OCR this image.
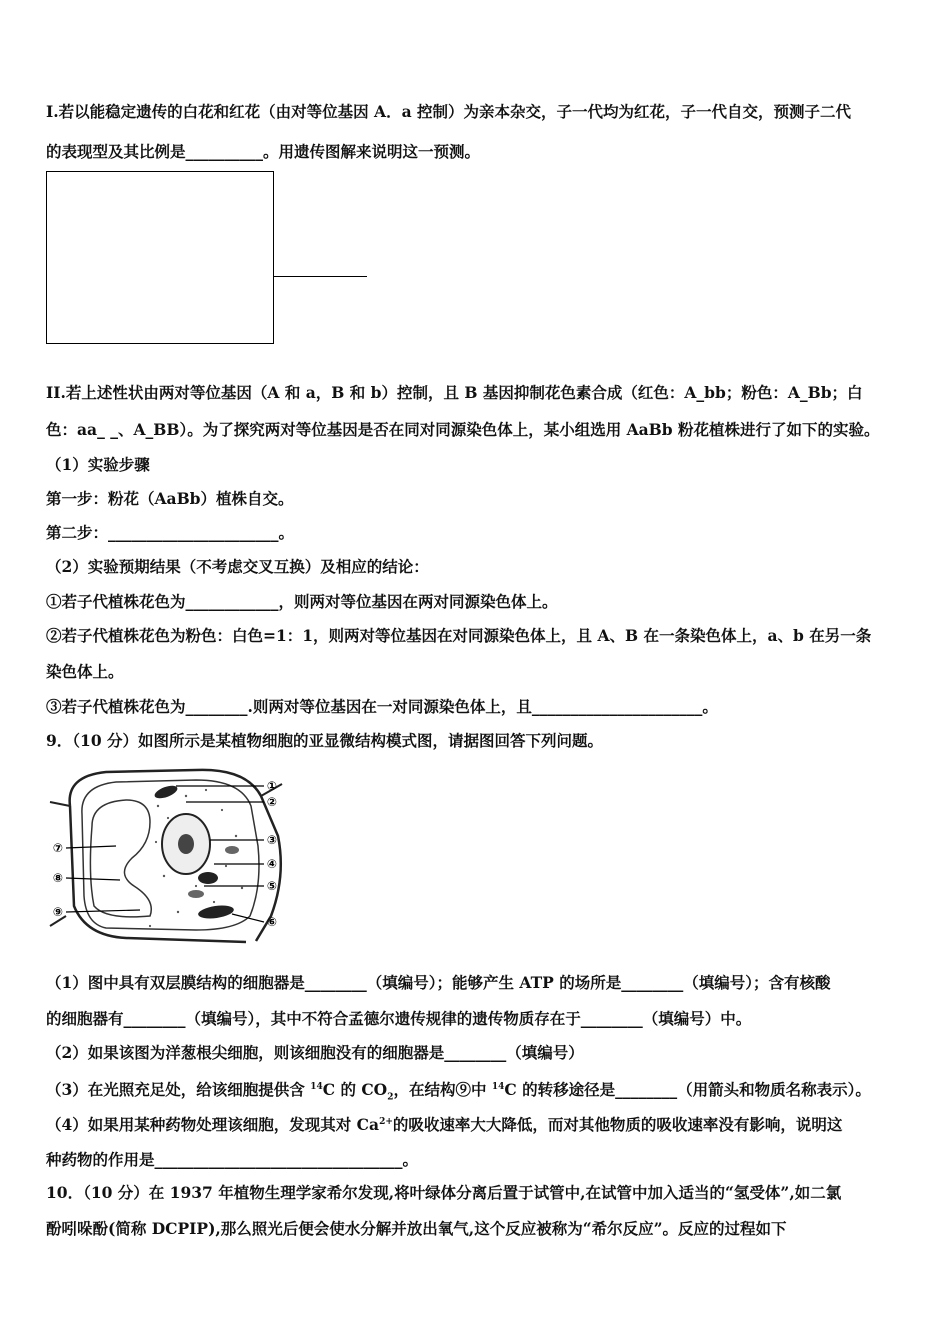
I.若以能稳定遗传的白花和红花（由对等位基因 A．a 控制）为亲本杂交，子一代均为红花，子一代自交，预测子二代
的表现型及其比例是__________。用遗传图解来说明这一预测。
II.若上述性状由两对等位基因（A 和 a，B 和 b）控制，且 B 基因抑制花色素合成（红色：A_bb；粉色：A_Bb；白
色：aa_ _、A_BB）。为了探究两对等位基因是否在同对同源染色体上，某小组选用 AaBb 粉花植株进行了如下的实验。
（1）实验步骤
第一步：粉花（AaBb）植株自交。
第二步：______________________。
（2）实验预期结果（不考虑交叉互换）及相应的结论：
①若子代植株花色为____________，则两对等位基因在两对同源染色体上。
②若子代植株花色为粉色：白色=1：1，则两对等位基因在对同源染色体上，且 A、B 在一条染色体上，a、b 在另一条
染色体上。
③若子代植株花色为________.则两对等位基因在一对同源染色体上，且______________________。
9．（10 分）如图所示是某植物细胞的亚显微结构模式图，请据图回答下列问题。
①
②
③
④
⑤
⑥
⑦
⑧
⑨
（1）图中具有双层膜结构的细胞器是________（填编号）；能够产生 ATP 的场所是________（填编号）；含有核酸
的细胞器有________（填编号），其中不符合孟德尔遗传规律的遗传物质存在于________（填编号）中。
（2）如果该图为洋葱根尖细胞，则该细胞没有的细胞器是________（填编号）
（3）在光照充足处，给该细胞提供含 $^{14}$C 的 $CO_2$，在结构⑨中 $^{14}$C 的转移途径是________（用箭头和物质名称表示）。
（4）如果用某种药物处理该细胞，发现其对 $Ca^{2+}$的吸收速率大大降低，而对其他物质的吸收速率没有影响，说明这
种药物的作用是________________________________。
10．（10 分）在 1937 年植物生理学家希尔发现,将叶绿体分离后置于试管中,在试管中加入适当的“氢受体”,如二氯
酚吲哚酚(简称 DCPIP),那么照光后便会使水分解并放出氧气,这个反应被称为“希尔反应”。反应的过程如下
